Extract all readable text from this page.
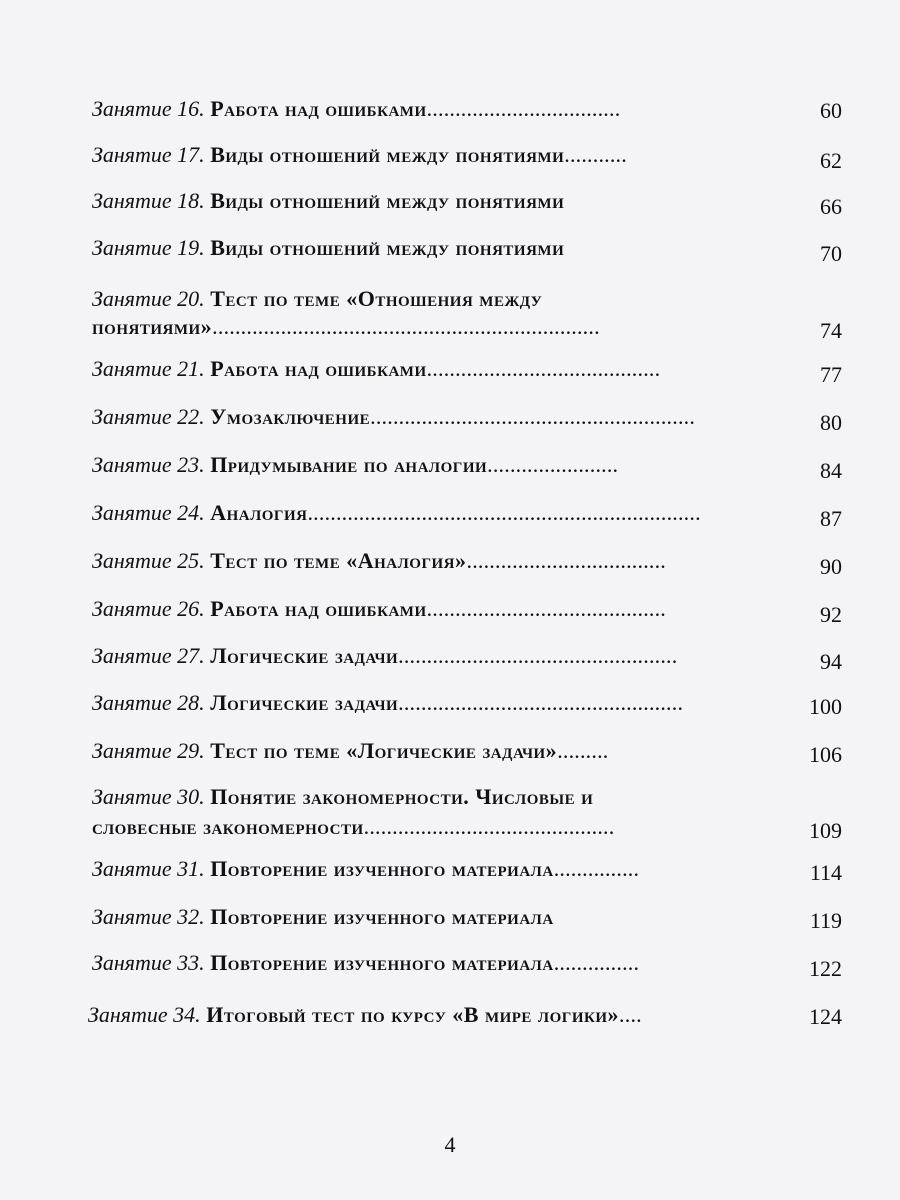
Занятие 16. Работа над ошибками..................................	60
Занятие 17. Виды отношений между понятиями...........	62
Занятие 18. Виды отношений между понятиями	66
Занятие 19. Виды отношений между понятиями	70
Занятие 20. Тест по теме «Отношения между
понятиями»....................................................................	74
Занятие 21. Работа над ошибками.........................................	77
Занятие 22. Умозаключение.........................................................	80
Занятие 23. Придумывание по аналогии.......................	84
Занятие 24. Аналогия.....................................................................	87
Занятие 25. Тест по теме «Аналогия»...................................	90
Занятие 26. Работа над ошибками..........................................	92
Занятие 27. Логические задачи.................................................	94
Занятие 28. Логические задачи..................................................	100
Занятие 29. Тест по теме «Логические задачи».........	106
Занятие 30. Понятие закономерности. Числовые и
словесные закономерности............................................	109
Занятие 31. Повторение изученного материала...............	114
Занятие 32. Повторение изученного материала	119
Занятие 33. Повторение изученного материала...............	122
Занятие 34. Итоговый тест по курсу «В мире логики»....	124
4
